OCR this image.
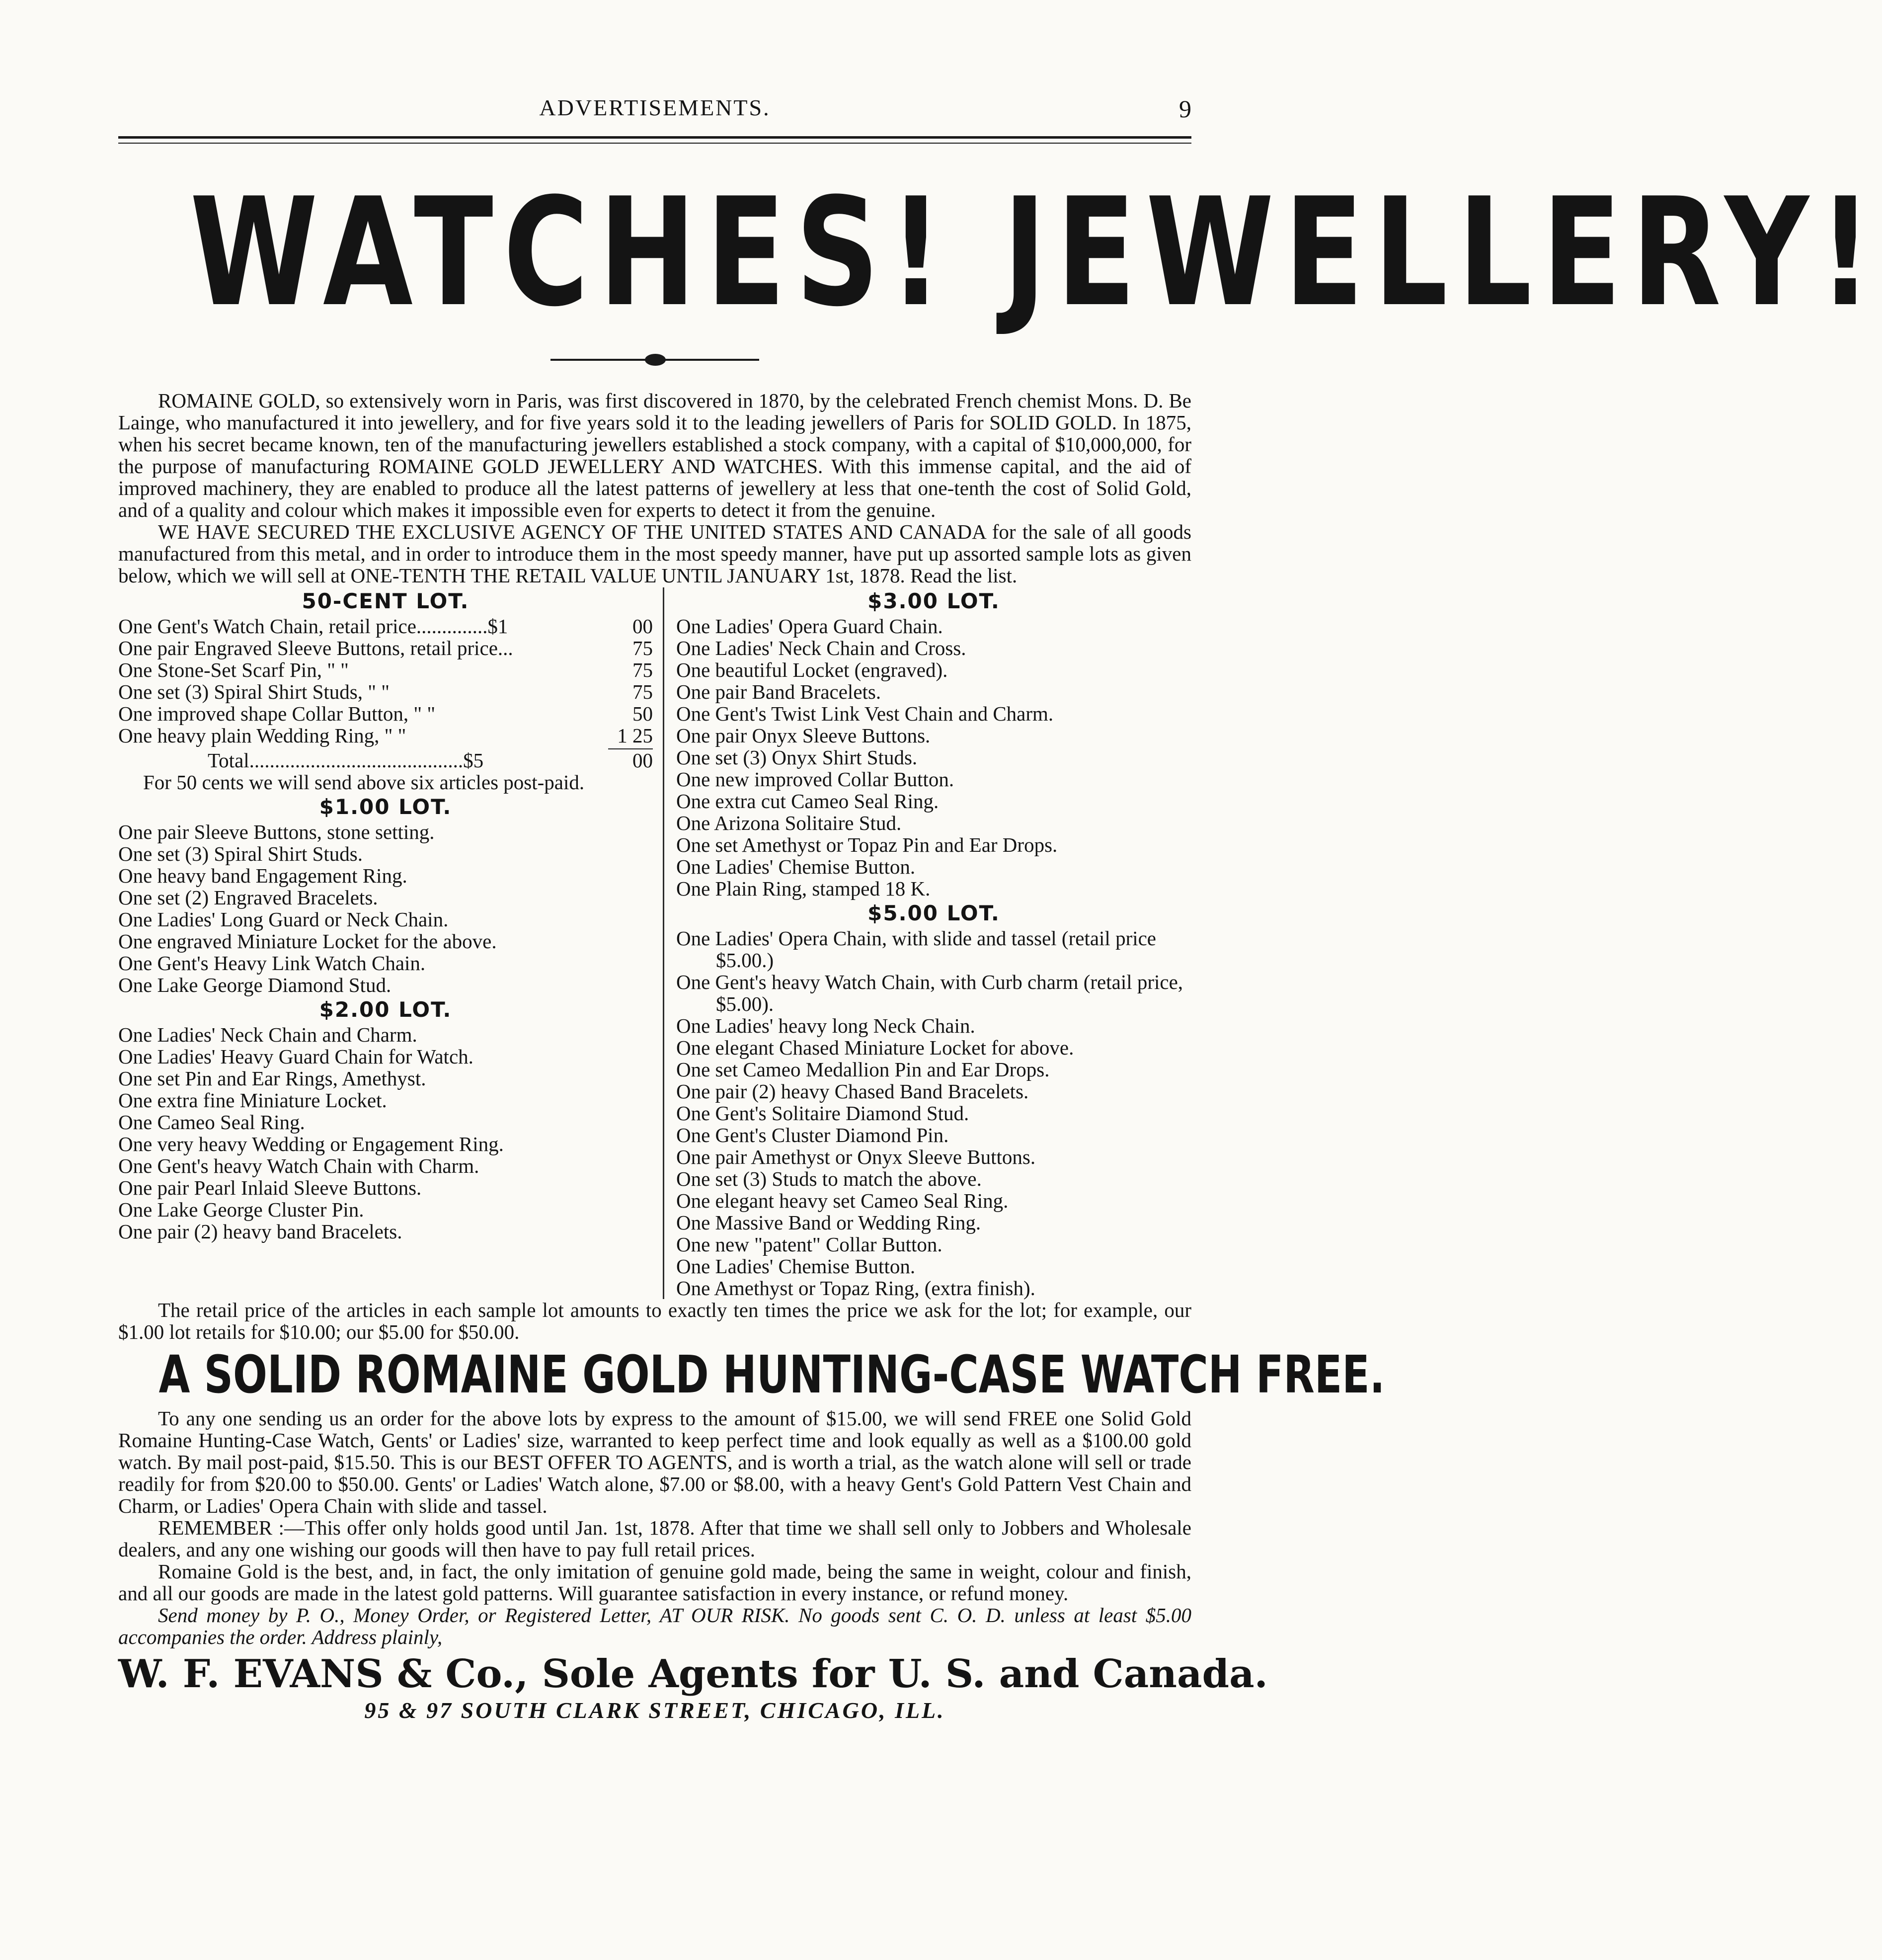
ADVERTISEMENTS.	9
WATCHES! JEWELLERY!

ROMAINE GOLD, so extensively worn in Paris, was first discovered in 1870, by the celebrated French chemist Mons. D. Be Lainge, who manufactured it into jewellery, and for five years sold it to the leading jewellers of Paris for SOLID GOLD. In 1875, when his secret became known, ten of the manufacturing jewellers established a stock company, with a capital of $10,000,000, for the purpose of manufacturing ROMAINE GOLD JEWELLERY AND WATCHES. With this immense capital, and the aid of improved machinery, they are enabled to produce all the latest patterns of jewellery at less that one-tenth the cost of Solid Gold, and of a quality and colour which makes it impossible even for experts to detect it from the genuine.

WE HAVE SECURED THE EXCLUSIVE AGENCY OF THE UNITED STATES AND CANADA for the sale of all goods manufactured from this metal, and in order to introduce them in the most speedy manner, have put up assorted sample lots as given below, which we will sell at ONE-TENTH THE RETAIL VALUE UNTIL JANUARY 1st, 1878. Read the list.

50-CENT LOT.
One Gent's Watch Chain, retail price..............$1	00
One pair Engraved Sleeve Buttons, retail price...	75
One Stone-Set Scarf Pin, " "	75
One set (3) Spiral Shirt Studs, " "	75
One improved shape Collar Button, " "	50
One heavy plain Wedding Ring, " "	1 25
Total..........................................$5	00
For 50 cents we will send above six articles post-paid.
$1.00 LOT.
One pair Sleeve Buttons, stone setting.
One set (3) Spiral Shirt Studs.
One heavy band Engagement Ring.
One set (2) Engraved Bracelets.
One Ladies' Long Guard or Neck Chain.
One engraved Miniature Locket for the above.
One Gent's Heavy Link Watch Chain.
One Lake George Diamond Stud.
$2.00 LOT.
One Ladies' Neck Chain and Charm.
One Ladies' Heavy Guard Chain for Watch.
One set Pin and Ear Rings, Amethyst.
One extra fine Miniature Locket.
One Cameo Seal Ring.
One very heavy Wedding or Engagement Ring.
One Gent's heavy Watch Chain with Charm.
One pair Pearl Inlaid Sleeve Buttons.
One Lake George Cluster Pin.
One pair (2) heavy band Bracelets.
$3.00 LOT.
One Ladies' Opera Guard Chain.
One Ladies' Neck Chain and Cross.
One beautiful Locket (engraved).
One pair Band Bracelets.
One Gent's Twist Link Vest Chain and Charm.
One pair Onyx Sleeve Buttons.
One set (3) Onyx Shirt Studs.
One new improved Collar Button.
One extra cut Cameo Seal Ring.
One Arizona Solitaire Stud.
One set Amethyst or Topaz Pin and Ear Drops.
One Ladies' Chemise Button.
One Plain Ring, stamped 18 K.
$5.00 LOT.
One Ladies' Opera Chain, with slide and tassel (retail price $5.00.)
One Gent's heavy Watch Chain, with Curb charm (retail price, $5.00).
One Ladies' heavy long Neck Chain.
One elegant Chased Miniature Locket for above.
One set Cameo Medallion Pin and Ear Drops.
One pair (2) heavy Chased Band Bracelets.
One Gent's Solitaire Diamond Stud.
One Gent's Cluster Diamond Pin.
One pair Amethyst or Onyx Sleeve Buttons.
One set (3) Studs to match the above.
One elegant heavy set Cameo Seal Ring.
One Massive Band or Wedding Ring.
One new "patent" Collar Button.
One Ladies' Chemise Button.
One Amethyst or Topaz Ring, (extra finish).

The retail price of the articles in each sample lot amounts to exactly ten times the price we ask for the lot; for example, our $1.00 lot retails for $10.00; our $5.00 for $50.00.

A SOLID ROMAINE GOLD HUNTING-CASE WATCH FREE.

To any one sending us an order for the above lots by express to the amount of $15.00, we will send FREE one Solid Gold Romaine Hunting-Case Watch, Gents' or Ladies' size, warranted to keep perfect time and look equally as well as a $100.00 gold watch. By mail post-paid, $15.50. This is our BEST OFFER TO AGENTS, and is worth a trial, as the watch alone will sell or trade readily for from $20.00 to $50.00. Gents' or Ladies' Watch alone, $7.00 or $8.00, with a heavy Gent's Gold Pattern Vest Chain and Charm, or Ladies' Opera Chain with slide and tassel.

REMEMBER :—This offer only holds good until Jan. 1st, 1878. After that time we shall sell only to Jobbers and Wholesale dealers, and any one wishing our goods will then have to pay full retail prices.

Romaine Gold is the best, and, in fact, the only imitation of genuine gold made, being the same in weight, colour and finish, and all our goods are made in the latest gold patterns. Will guarantee satisfaction in every instance, or refund money.

Send money by P. O., Money Order, or Registered Letter, AT OUR RISK. No goods sent C. O. D. unless at least $5.00 accompanies the order. Address plainly,

W. F. EVANS & Co., Sole Agents for U. S. and Canada.
95 & 97 SOUTH CLARK STREET, CHICAGO, ILL.
